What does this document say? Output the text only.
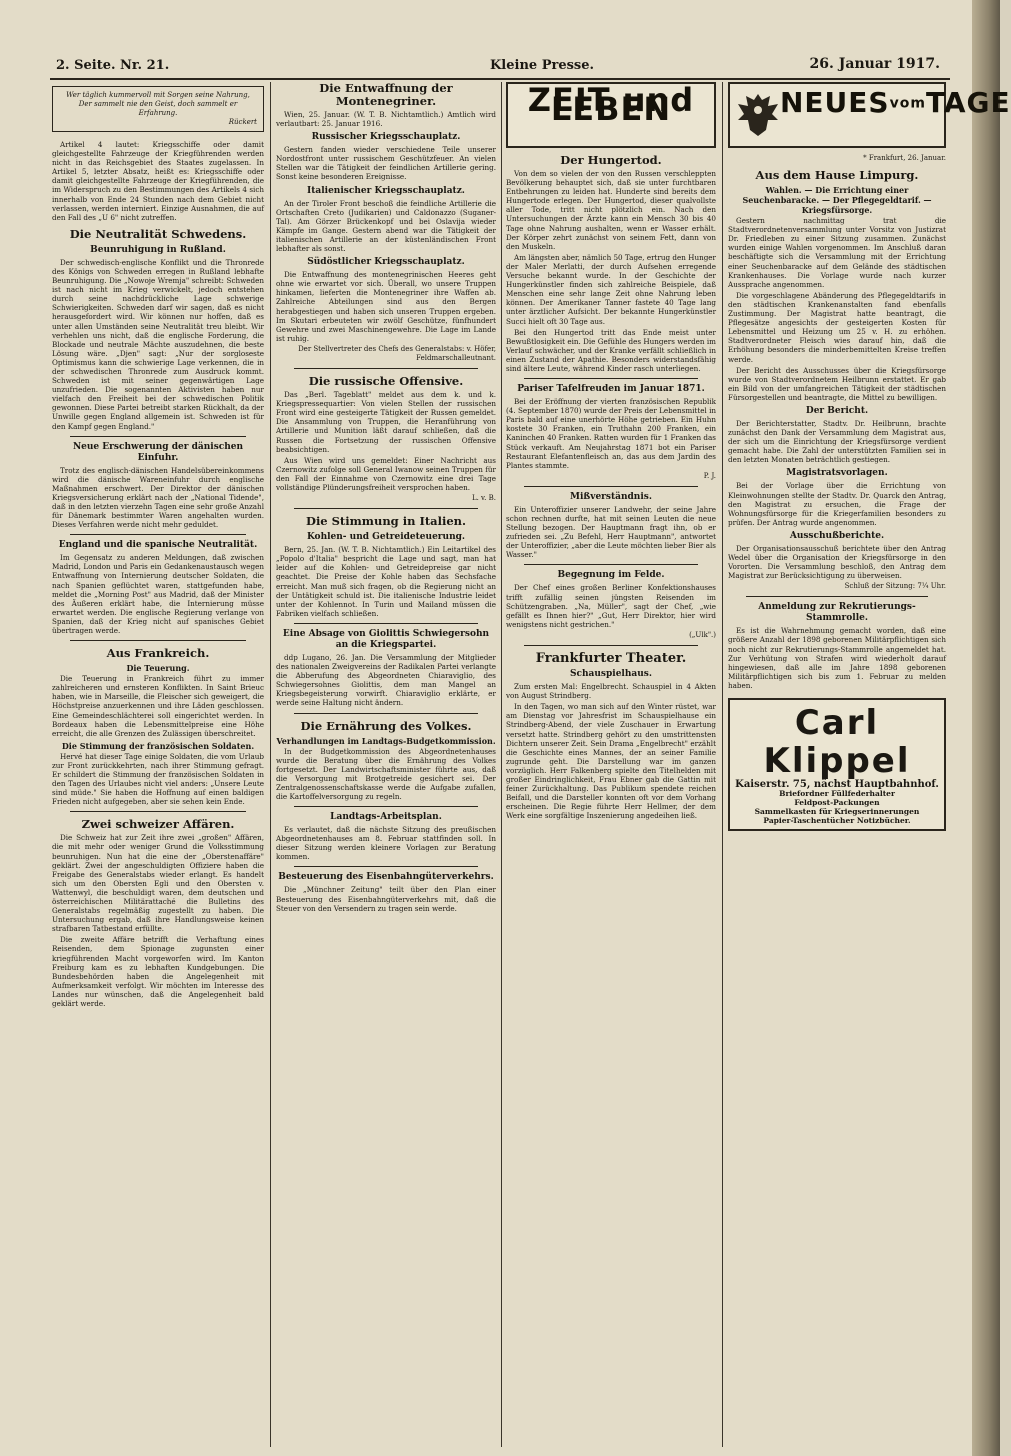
2. Seite. Nr. 21.	Kleine Presse.	26. Januar 1917.
Wer täglich kummervoll mit Sorgen seine Nahrung, Der sammelt nie den Geist, doch sammelt er Erfahrung.
Rückert

Artikel 4 lautet: Kriegsschiffe oder damit gleichgestellte Fahrzeuge der Kriegführenden werden nicht in das Reichsgebiet des Staates zugelassen. In Artikel 5, letzter Absatz, heißt es: Kriegsschiffe oder damit gleichgestellte Fahrzeuge der Kriegführenden, die im Widerspruch zu den Bestimmungen des Artikels 4 sich innerhalb von Ende 24 Stunden nach dem Gebiet nicht verlassen, werden interniert. Einzige Ausnahmen, die auf den Fall des „U 6" nicht zutreffen.

Die Neutralität Schwedens.
Beunruhigung in Rußland.

Der schwedisch-englische Konflikt und die Thronrede des Königs von Schweden erregen in Rußland lebhafte Beunruhigung. Die „Nowoje Wremja" schreibt: Schweden ist nach nicht im Krieg verwickelt, jedoch entstehen durch seine nachdrückliche Lage schwerige Schwierigkeiten. Schweden darf wir sagen, daß es nicht herausgefordert wird. Wir können nur hoffen, daß es unter allen Umständen seine Neutralität treu bleibt. Wir verhehlen uns nicht, daß die englische Forderung, die Blockade und neutrale Mächte auszudehnen, die beste Lösung wäre. „Djen" sagt: „Nur der sorgloseste Optimismus kann die schwierige Lage verkennen, die in der schwedischen Thronrede zum Ausdruck kommt. Schweden ist mit seiner gegenwärtigen Lage unzufrieden. Die sogenannten Aktivisten haben nur vielfach den Freiheit bei der schwedischen Politik gewonnen. Diese Partei betreibt starken Rückhalt, da der Unwille gegen England allgemein ist. Schweden ist für den Kampf gegen England."

Neue Erschwerung der dänischen Einfuhr.

Trotz des englisch-dänischen Handelsübereinkommens wird die dänische Wareneinfuhr durch englische Maßnahmen erschwert. Der Direktor der dänischen Kriegsversicherung erklärt nach der „National Tidende", daß in den letzten vierzehn Tagen eine sehr große Anzahl für Dänemark bestimmter Waren angehalten wurden. Dieses Verfahren werde nicht mehr geduldet.

England und die spanische Neutralität.

Im Gegensatz zu anderen Meldungen, daß zwischen Madrid, London und Paris ein Gedankenaustausch wegen Entwaffnung von Internierung deutscher Soldaten, die nach Spanien geflüchtet waren, stattgefunden habe, meldet die „Morning Post" aus Madrid, daß der Minister des Äußeren erklärt habe, die Internierung müsse erwartet werden. Die englische Regierung verlange von Spanien, daß der Krieg nicht auf spanisches Gebiet übertragen werde.

Aus Frankreich.
Die Teuerung.

Die Teuerung in Frankreich führt zu immer zahlreicheren und ernsteren Konflikten. In Saint Brieuc haben, wie in Marseille, die Fleischer sich geweigert, die Höchstpreise anzuerkennen und ihre Läden geschlossen. Eine Gemeindeschlächterei soll eingerichtet werden. In Bordeaux haben die Lebensmittelpreise eine Höhe erreicht, die alle Grenzen des Zulässigen überschreitet.

Die Stimmung der französischen Soldaten.

Hervé hat dieser Tage einige Soldaten, die vom Urlaub zur Front zurückkehrten, nach ihrer Stimmung gefragt. Er schildert die Stimmung der französischen Soldaten in den Tagen des Urlaubes nicht viel anders: „Unsere Leute sind müde." Sie haben die Hoffnung auf einen baldigen Frieden nicht aufgegeben, aber sie sehen kein Ende.

Zwei schweizer Affären.

Die Schweiz hat zur Zeit ihre zwei „großen" Affären, die mit mehr oder weniger Grund die Volksstimmung beunruhigen. Nun hat die eine der „Oberstenaffäre" geklärt. Zwei der angeschuldigten Offiziere haben die Freigabe des Generalstabs wieder erlangt. Es handelt sich um den Obersten Egli und den Obersten v. Wattenwyl, die beschuldigt waren, dem deutschen und österreichischen Militärattaché die Bulletins des Generalstabs regelmäßig zugestellt zu haben. Die Untersuchung ergab, daß ihre Handlungsweise keinen strafbaren Tatbestand erfüllte.

Die zweite Affäre betrifft die Verhaftung eines Reisenden, dem Spionage zugunsten einer kriegführenden Macht vorgeworfen wird. Im Kanton Freiburg kam es zu lebhaften Kundgebungen. Die Bundesbehörden haben die Angelegenheit mit Aufmerksamkeit verfolgt. Wir möchten im Interesse des Landes nur wünschen, daß die Angelegenheit bald geklärt werde.

Die Entwaffnung der Montenegriner.

Wien, 25. Januar. (W. T. B. Nichtamtlich.) Amtlich wird verlautbart: 25. Januar 1916.

Russischer Kriegsschauplatz.

Gestern fanden wieder verschiedene Teile unserer Nordostfront unter russischem Geschützfeuer. An vielen Stellen war die Tätigkeit der feindlichen Artillerie gering. Sonst keine besonderen Ereignisse.

Italienischer Kriegsschauplatz.

An der Tiroler Front beschoß die feindliche Artillerie die Ortschaften Creto (Judikarien) und Caldonazzo (Suganer-Tal). Am Görzer Brückenkopf und bei Oslavija wieder Kämpfe im Gange. Gestern abend war die Tätigkeit der italienischen Artillerie an der küstenländischen Front lebhafter als sonst.

Südöstlicher Kriegsschauplatz.

Die Entwaffnung des montenegrinischen Heeres geht ohne wie erwartet vor sich. Überall, wo unsere Truppen hinkamen, lieferten die Montenegriner ihre Waffen ab. Zahlreiche Abteilungen sind aus den Bergen herabgestiegen und haben sich unseren Truppen ergeben. Im Skutari erbeuteten wir zwölf Geschütze, fünfhundert Gewehre und zwei Maschinengewehre. Die Lage im Lande ist ruhig.

Der Stellvertreter des Chefs des Generalstabs: v. Höfer, Feldmarschalleutnant.

Die russische Offensive.

Das „Berl. Tageblatt" meldet aus dem k. und k. Kriegspressequartier: Von vielen Stellen der russischen Front wird eine gesteigerte Tätigkeit der Russen gemeldet. Die Ansammlung von Truppen, die Heranführung von Artillerie und Munition läßt darauf schließen, daß die Russen die Fortsetzung der russischen Offensive beabsichtigen.

Aus Wien wird uns gemeldet: Einer Nachricht aus Czernowitz zufolge soll General Iwanow seinen Truppen für den Fall der Einnahme von Czernowitz eine drei Tage vollständige Plünderungsfreiheit versprochen haben.

L. v. B.

Die Stimmung in Italien.
Kohlen- und Getreideteuerung.

Bern, 25. Jan. (W. T. B. Nichtamtlich.) Ein Leitartikel des „Popolo d'Italia" bespricht die Lage und sagt, man hat leider auf die Kohlen- und Getreidepreise gar nicht geachtet. Die Preise der Kohle haben das Sechsfache erreicht. Man muß sich fragen, ob die Regierung nicht an der Untätigkeit schuld ist. Die italienische Industrie leidet unter der Kohlennot. In Turin und Mailand müssen die Fabriken vielfach schließen.

Eine Absage von Giolittis Schwiegersohn an die Kriegspartei.

ddp Lugano, 26. Jan. Die Versammlung der Mitglieder des nationalen Zweigvereins der Radikalen Partei verlangte die Abberufung des Abgeordneten Chiaraviglio, des Schwiegersohnes Giolittis, dem man Mangel an Kriegsbegeisterung vorwirft. Chiaraviglio erklärte, er werde seine Haltung nicht ändern.

Die Ernährung des Volkes.
Verhandlungen im Landtags-Budgetkommission.

In der Budgetkommission des Abgeordnetenhauses wurde die Beratung über die Ernährung des Volkes fortgesetzt. Der Landwirtschaftsminister führte aus, daß die Versorgung mit Brotgetreide gesichert sei. Der Zentralgenossenschaftskasse werde die Aufgabe zufallen, die Kartoffelversorgung zu regeln.

Landtags-Arbeitsplan.

Es verlautet, daß die nächste Sitzung des preußischen Abgeordnetenhauses am 8. Februar stattfinden soll. In dieser Sitzung werden kleinere Vorlagen zur Beratung kommen.

Besteuerung des Eisenbahngüterverkehrs.

Die „Münchner Zeitung" teilt über den Plan einer Besteuerung des Eisenbahngüterverkehrs mit, daß die Steuer von den Versendern zu tragen sein werde.

ZEIT und LEBEN
Der Hungertod.

Von dem so vielen der von den Russen verschleppten Bevölkerung behauptet sich, daß sie unter furchtbaren Entbehrungen zu leiden hat. Hunderte sind bereits dem Hungertode erlegen. Der Hungertod, dieser qualvollste aller Tode, tritt nicht plötzlich ein. Nach den Untersuchungen der Ärzte kann ein Mensch 30 bis 40 Tage ohne Nahrung aushalten, wenn er Wasser erhält. Der Körper zehrt zunächst von seinem Fett, dann von den Muskeln.

Am längsten aber, nämlich 50 Tage, ertrug den Hunger der Maler Merlatti, der durch Aufsehen erregende Versuche bekannt wurde. In der Geschichte der Hungerkünstler finden sich zahlreiche Beispiele, daß Menschen eine sehr lange Zeit ohne Nahrung leben können. Der Amerikaner Tanner fastete 40 Tage lang unter ärztlicher Aufsicht. Der bekannte Hungerkünstler Succi hielt oft 30 Tage aus.

Bei den Hungertod tritt das Ende meist unter Bewußtlosigkeit ein. Die Gefühle des Hungers werden im Verlauf schwächer, und der Kranke verfällt schließlich in einen Zustand der Apathie. Besonders widerstandsfähig sind ältere Leute, während Kinder rasch unterliegen.

Pariser Tafelfreuden im Januar 1871.

Bei der Eröffnung der vierten französischen Republik (4. September 1870) wurde der Preis der Lebensmittel in Paris bald auf eine unerhörte Höhe getrieben. Ein Huhn kostete 30 Franken, ein Truthahn 200 Franken, ein Kaninchen 40 Franken. Ratten wurden für 1 Franken das Stück verkauft. Am Neujahrstag 1871 bot ein Pariser Restaurant Elefantenfleisch an, das aus dem Jardin des Plantes stammte.

P. J.

Mißverständnis.

Ein Unteroffizier unserer Landwehr, der seine Jahre schon rechnen durfte, hat mit seinen Leuten die neue Stellung bezogen. Der Hauptmann fragt ihn, ob er zufrieden sei. „Zu Befehl, Herr Hauptmann", antwortet der Unteroffizier, „aber die Leute möchten lieber Bier als Wasser."

Begegnung im Felde.

Der Chef eines großen Berliner Konfektionshauses trifft zufällig seinen jüngsten Reisenden im Schützengraben. „Na, Müller", sagt der Chef, „wie gefällt es Ihnen hier?" „Gut, Herr Direktor, hier wird wenigstens nicht gestrichen."

(„Ulk".)

Frankfurter Theater.
Schauspielhaus.

Zum ersten Mal: Engelbrecht. Schauspiel in 4 Akten von August Strindberg.

In den Tagen, wo man sich auf den Winter rüstet, war am Dienstag vor Jahresfrist im Schauspielhause ein Strindberg-Abend, der viele Zuschauer in Erwartung versetzt hatte. Strindberg gehört zu den umstrittensten Dichtern unserer Zeit. Sein Drama „Engelbrecht" erzählt die Geschichte eines Mannes, der an seiner Familie zugrunde geht. Die Darstellung war im ganzen vorzüglich. Herr Falkenberg spielte den Titelhelden mit großer Eindringlichkeit, Frau Ebner gab die Gattin mit feiner Zurückhaltung. Das Publikum spendete reichen Beifall, und die Darsteller konnten oft vor dem Vorhang erscheinen. Die Regie führte Herr Hellmer, der dem Werk eine sorgfältige Inszenierung angedeihen ließ.

NEUESvomTAGE

* Frankfurt, 26. Januar.

Aus dem Hause Limpurg.
Wahlen. — Die Errichtung einer Seuchenbaracke. — Der Pflegegeldtarif. — Kriegsfürsorge.

Gestern nachmittag trat die Stadtverordnetenversammlung unter Vorsitz von Justizrat Dr. Friedleben zu einer Sitzung zusammen. Zunächst wurden einige Wahlen vorgenommen. Im Anschluß daran beschäftigte sich die Versammlung mit der Errichtung einer Seuchenbaracke auf dem Gelände des städtischen Krankenhauses. Die Vorlage wurde nach kurzer Aussprache angenommen.

Die vorgeschlagene Abänderung des Pflegegeldtarifs in den städtischen Krankenanstalten fand ebenfalls Zustimmung. Der Magistrat hatte beantragt, die Pflegesätze angesichts der gesteigerten Kosten für Lebensmittel und Heizung um 25 v. H. zu erhöhen. Stadtverordneter Fleisch wies darauf hin, daß die Erhöhung besonders die minderbemittelten Kreise treffen werde.

Der Bericht des Ausschusses über die Kriegsfürsorge wurde von Stadtverordnetem Heilbrunn erstattet. Er gab ein Bild von der umfangreichen Tätigkeit der städtischen Fürsorgestellen und beantragte, die Mittel zu bewilligen.

Der Bericht.

Der Berichterstatter, Stadtv. Dr. Heilbrunn, brachte zunächst den Dank der Versammlung dem Magistrat aus, der sich um die Einrichtung der Kriegsfürsorge verdient gemacht habe. Die Zahl der unterstützten Familien sei in den letzten Monaten beträchtlich gestiegen.

Magistratsvorlagen.

Bei der Vorlage über die Errichtung von Kleinwohnungen stellte der Stadtv. Dr. Quarck den Antrag, den Magistrat zu ersuchen, die Frage der Wohnungsfürsorge für die Kriegerfamilien besonders zu prüfen. Der Antrag wurde angenommen.

Ausschußberichte.

Der Organisationsausschuß berichtete über den Antrag Wedel über die Organisation der Kriegsfürsorge in den Vororten. Die Versammlung beschloß, den Antrag dem Magistrat zur Berücksichtigung zu überweisen.

Schluß der Sitzung: 7¼ Uhr.

Anmeldung zur Rekrutierungs-Stammrolle.

Es ist die Wahrnehmung gemacht worden, daß eine größere Anzahl der 1898 geborenen Militärpflichtigen sich noch nicht zur Rekrutierungs-Stammrolle angemeldet hat. Zur Verhütung von Strafen wird wiederholt darauf hingewiesen, daß alle im Jahre 1898 geborenen Militärpflichtigen sich bis zum 1. Februar zu melden haben.

Carl Klippel
Kaiserstr. 75, nächst Hauptbahnhof.
Briefordner Füllfederhalter
Feldpost-Packungen
Sammelkasten für Kriegserinnerungen
Papier-Taschentücher Notizbücher.
